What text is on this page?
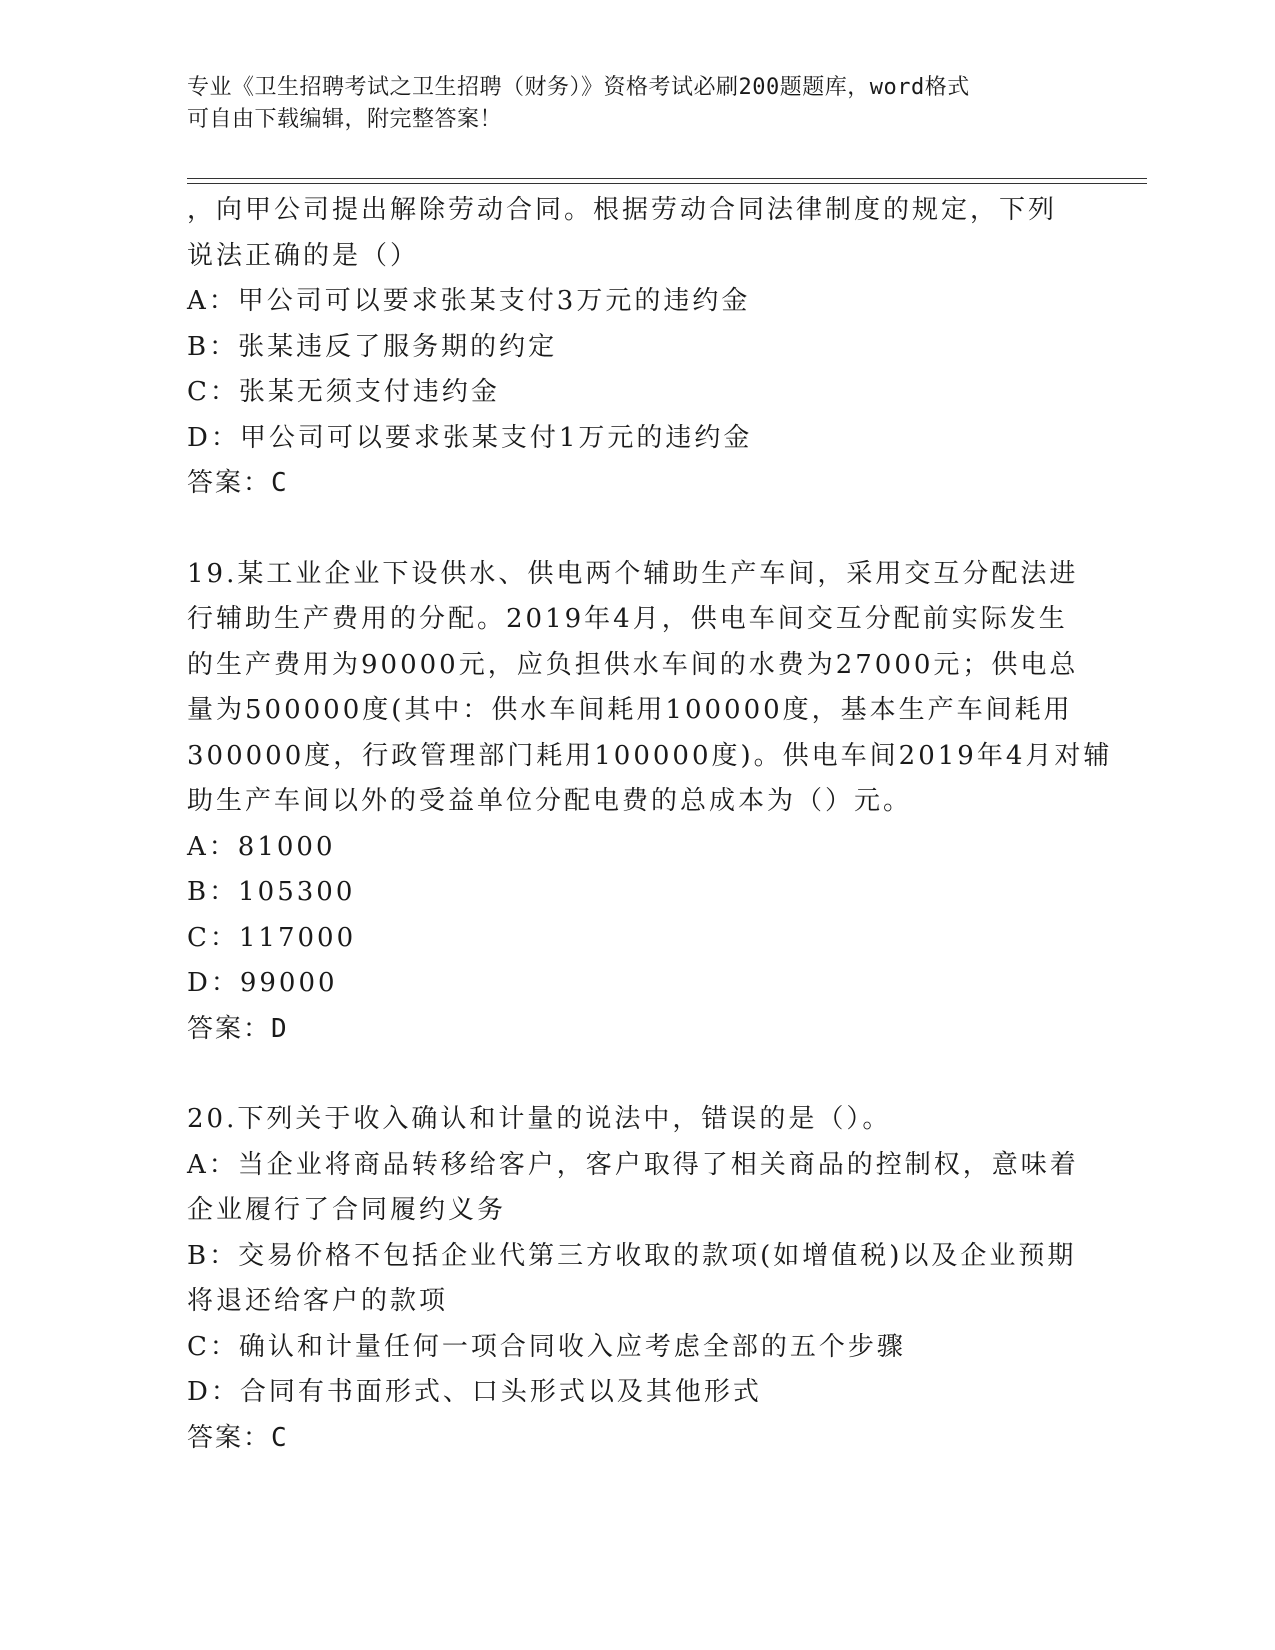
专业《卫生招聘考试之卫生招聘（财务）》资格考试必刷200题题库，word格式
可自由下载编辑，附完整答案！
，向甲公司提出解除劳动合同。根据劳动合同法律制度的规定，下列
说法正确的是（）
A：甲公司可以要求张某支付3万元的违约金
B：张某违反了服务期的约定
C：张某无须支付违约金
D：甲公司可以要求张某支付1万元的违约金
答案：C
19.某工业企业下设供水、供电两个辅助生产车间，采用交互分配法进
行辅助生产费用的分配。2019年4月，供电车间交互分配前实际发生
的生产费用为90000元，应负担供水车间的水费为27000元；供电总
量为500000度(其中：供水车间耗用100000度，基本生产车间耗用
300000度，行政管理部门耗用100000度)。供电车间2019年4月对辅
助生产车间以外的受益单位分配电费的总成本为（）元。
A：81000
B：105300
C：117000
D：99000
答案：D
20.下列关于收入确认和计量的说法中，错误的是（）。
A：当企业将商品转移给客户，客户取得了相关商品的控制权，意味着
企业履行了合同履约义务
B：交易价格不包括企业代第三方收取的款项(如增值税)以及企业预期
将退还给客户的款项
C：确认和计量任何一项合同收入应考虑全部的五个步骤
D：合同有书面形式、口头形式以及其他形式
答案：C
